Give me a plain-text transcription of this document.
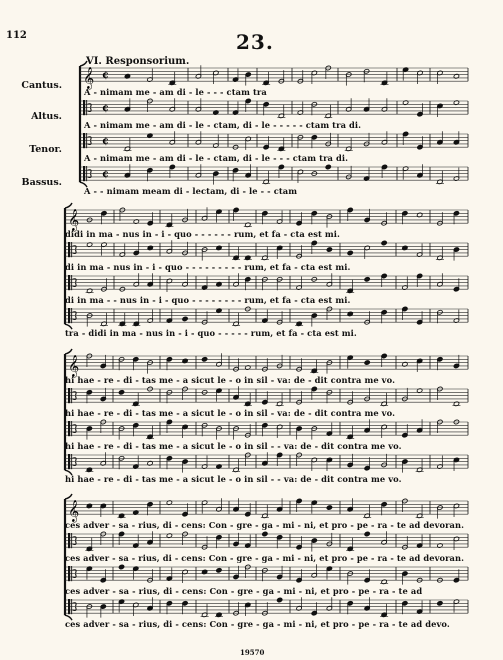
112	23.
VI. Responsorium.
Cantus.
Altus.
Tenor.
Bassus.
𝄞 ¢
¢
¢
¢
𝄞
𝄞
𝄞
A - nimam me - am di - le - - - ctam tra
A - nimam me - am di - le - ctam, di - le - - - - - ctam tra di.
A - nimam me - am di - le - ctam, di - le - - - ctam tra di.
A - - nimam meam di - lectam, di - le - - ctam
didi in ma - nus in - i - quo - - - - - - rum, et fa - cta est mi.
di in ma - nus in - i - quo - - - - - - - - - rum, et fa - cta est mi.
di in ma - - nus in - i - quo - - - - - - - - rum, et fa - cta est mi.
tra - didi in ma - nus in - i - quo - - - - - rum, et fa - cta est mi.
hi hae - re - di - tas me - a sicut le - o in sil - va: de - dit contra me vo.
hi hae - re - di - tas me - a sicut le - o in sil - va: de - dit contra me vo.
hi hae - re - di - tas me - a sicut le - o in sil - - va: de - dit contra me vo.
hi hae - re - di - tas me - a sicut le - o in sil - - va: de - dit contra me vo.
ces adver - sa - rius, di - cens: Con - gre - ga - mi - ni, et pro - pe - ra - te ad devoran.
ces adver - sa - rius, di - cens: Con - gre - ga - mi - ni, et pro - pe - ra - te ad devoran.
ces adver - sa - rius, di - cens: Con - gre - ga - mi - ni, et pro - pe - ra - te ad
ces adver - sa - rius, di - cens: Con - gre - ga - mi - ni, et pro - pe - ra - te ad devo.
19570
